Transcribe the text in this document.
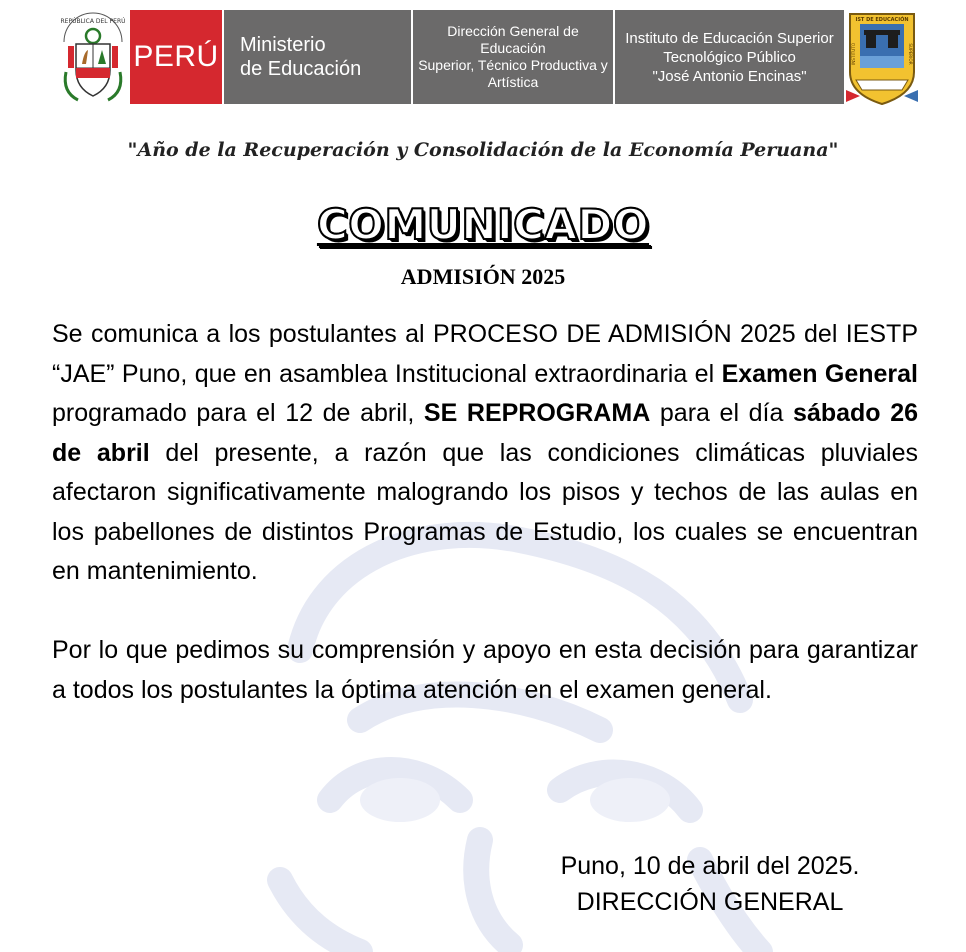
REPÚBLICA DEL PERÚ
PERÚ Ministerio
de Educación
Dirección General de Educación
Superior, Técnico Productiva y
Artística
Instituto de Educación Superior
Tecnológico Público
"José Antonio Encinas"
IST DE EDUCACIÓN
INSTITUTO	SUPERIOR
"Año de la Recuperación y Consolidación de la Economía Peruana"
COMUNICADO
ADMISIÓN 2025

Se comunica a los postulantes al PROCESO DE ADMISIÓN 2025 del IESTP “JAE” Puno, que en asamblea Institucional extraordinaria el Examen General programado para el 12 de abril, SE REPROGRAMA para el día sábado 26 de abril del presente, a razón que las condiciones climáticas pluviales afectaron significativamente malogrando los pisos y techos de las aulas en los pabellones de distintos Programas de Estudio, los cuales se encuentran en mantenimiento.

Por lo que pedimos su comprensión y apoyo en esta decisión para garantizar a todos los postulantes la óptima atención en el examen general.

Puno, 10 de abril del 2025.
DIRECCIÓN GENERAL
